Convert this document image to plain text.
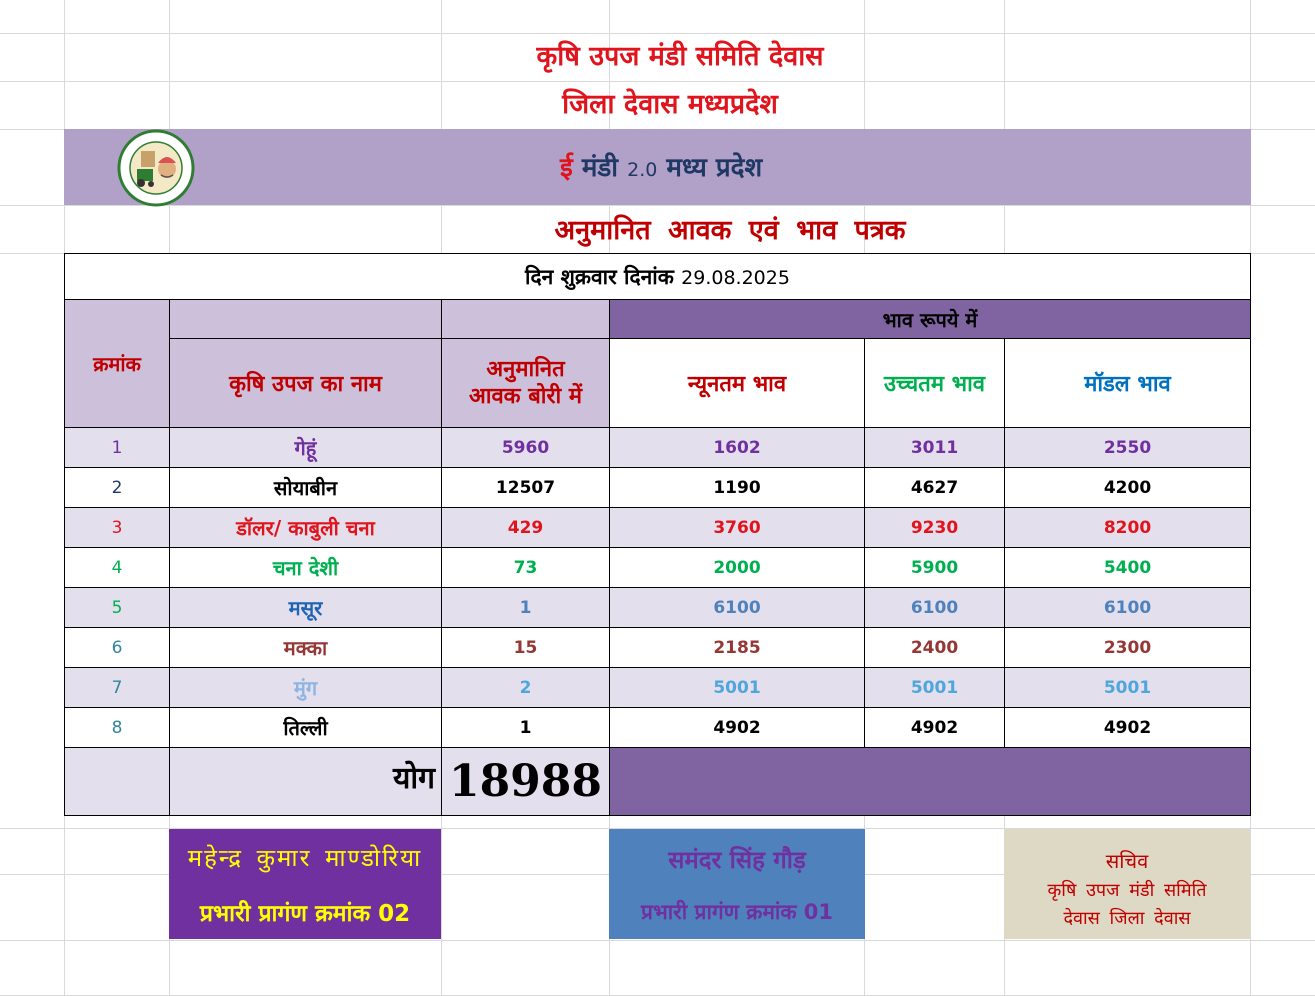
कृषि उपज मंडी समिति देवास
जिला देवास मध्यप्रदेश
ई मंडी 2.0 मध्य प्रदेश
अनुमानित आवक एवं भाव पत्रक
दिन शुक्रवार दिनांक 29.08.2025					
क्रमांक			भाव रूपये में		
	कृषि उपज का नाम	अनुमानित
आवक बोरी में	न्यूनतम भाव	उच्चतम भाव	मॉडल भाव
1	गेहूं	5960	1602	3011	2550
2	सोयाबीन	12507	1190	4627	4200
3	डॉलर/ काबुली चना	429	3760	9230	8200
4	चना देशी	73	2000	5900	5400
5	मसूर	1	6100	6100	6100
6	मक्का	15	2185	2400	2300
7	मुंग	2	5001	5001	5001
8	तिल्ली	1	4902	4902	4902
	योग	18988			
महेन्द्र कुमार माण्डोरिया
प्रभारी प्रागंण क्रमांक 02
समंदर सिंह गौड़
प्रभारी प्रागंण क्रमांक 01
सचिव
कृषि उपज मंडी समिति
देवास जिला देवास
